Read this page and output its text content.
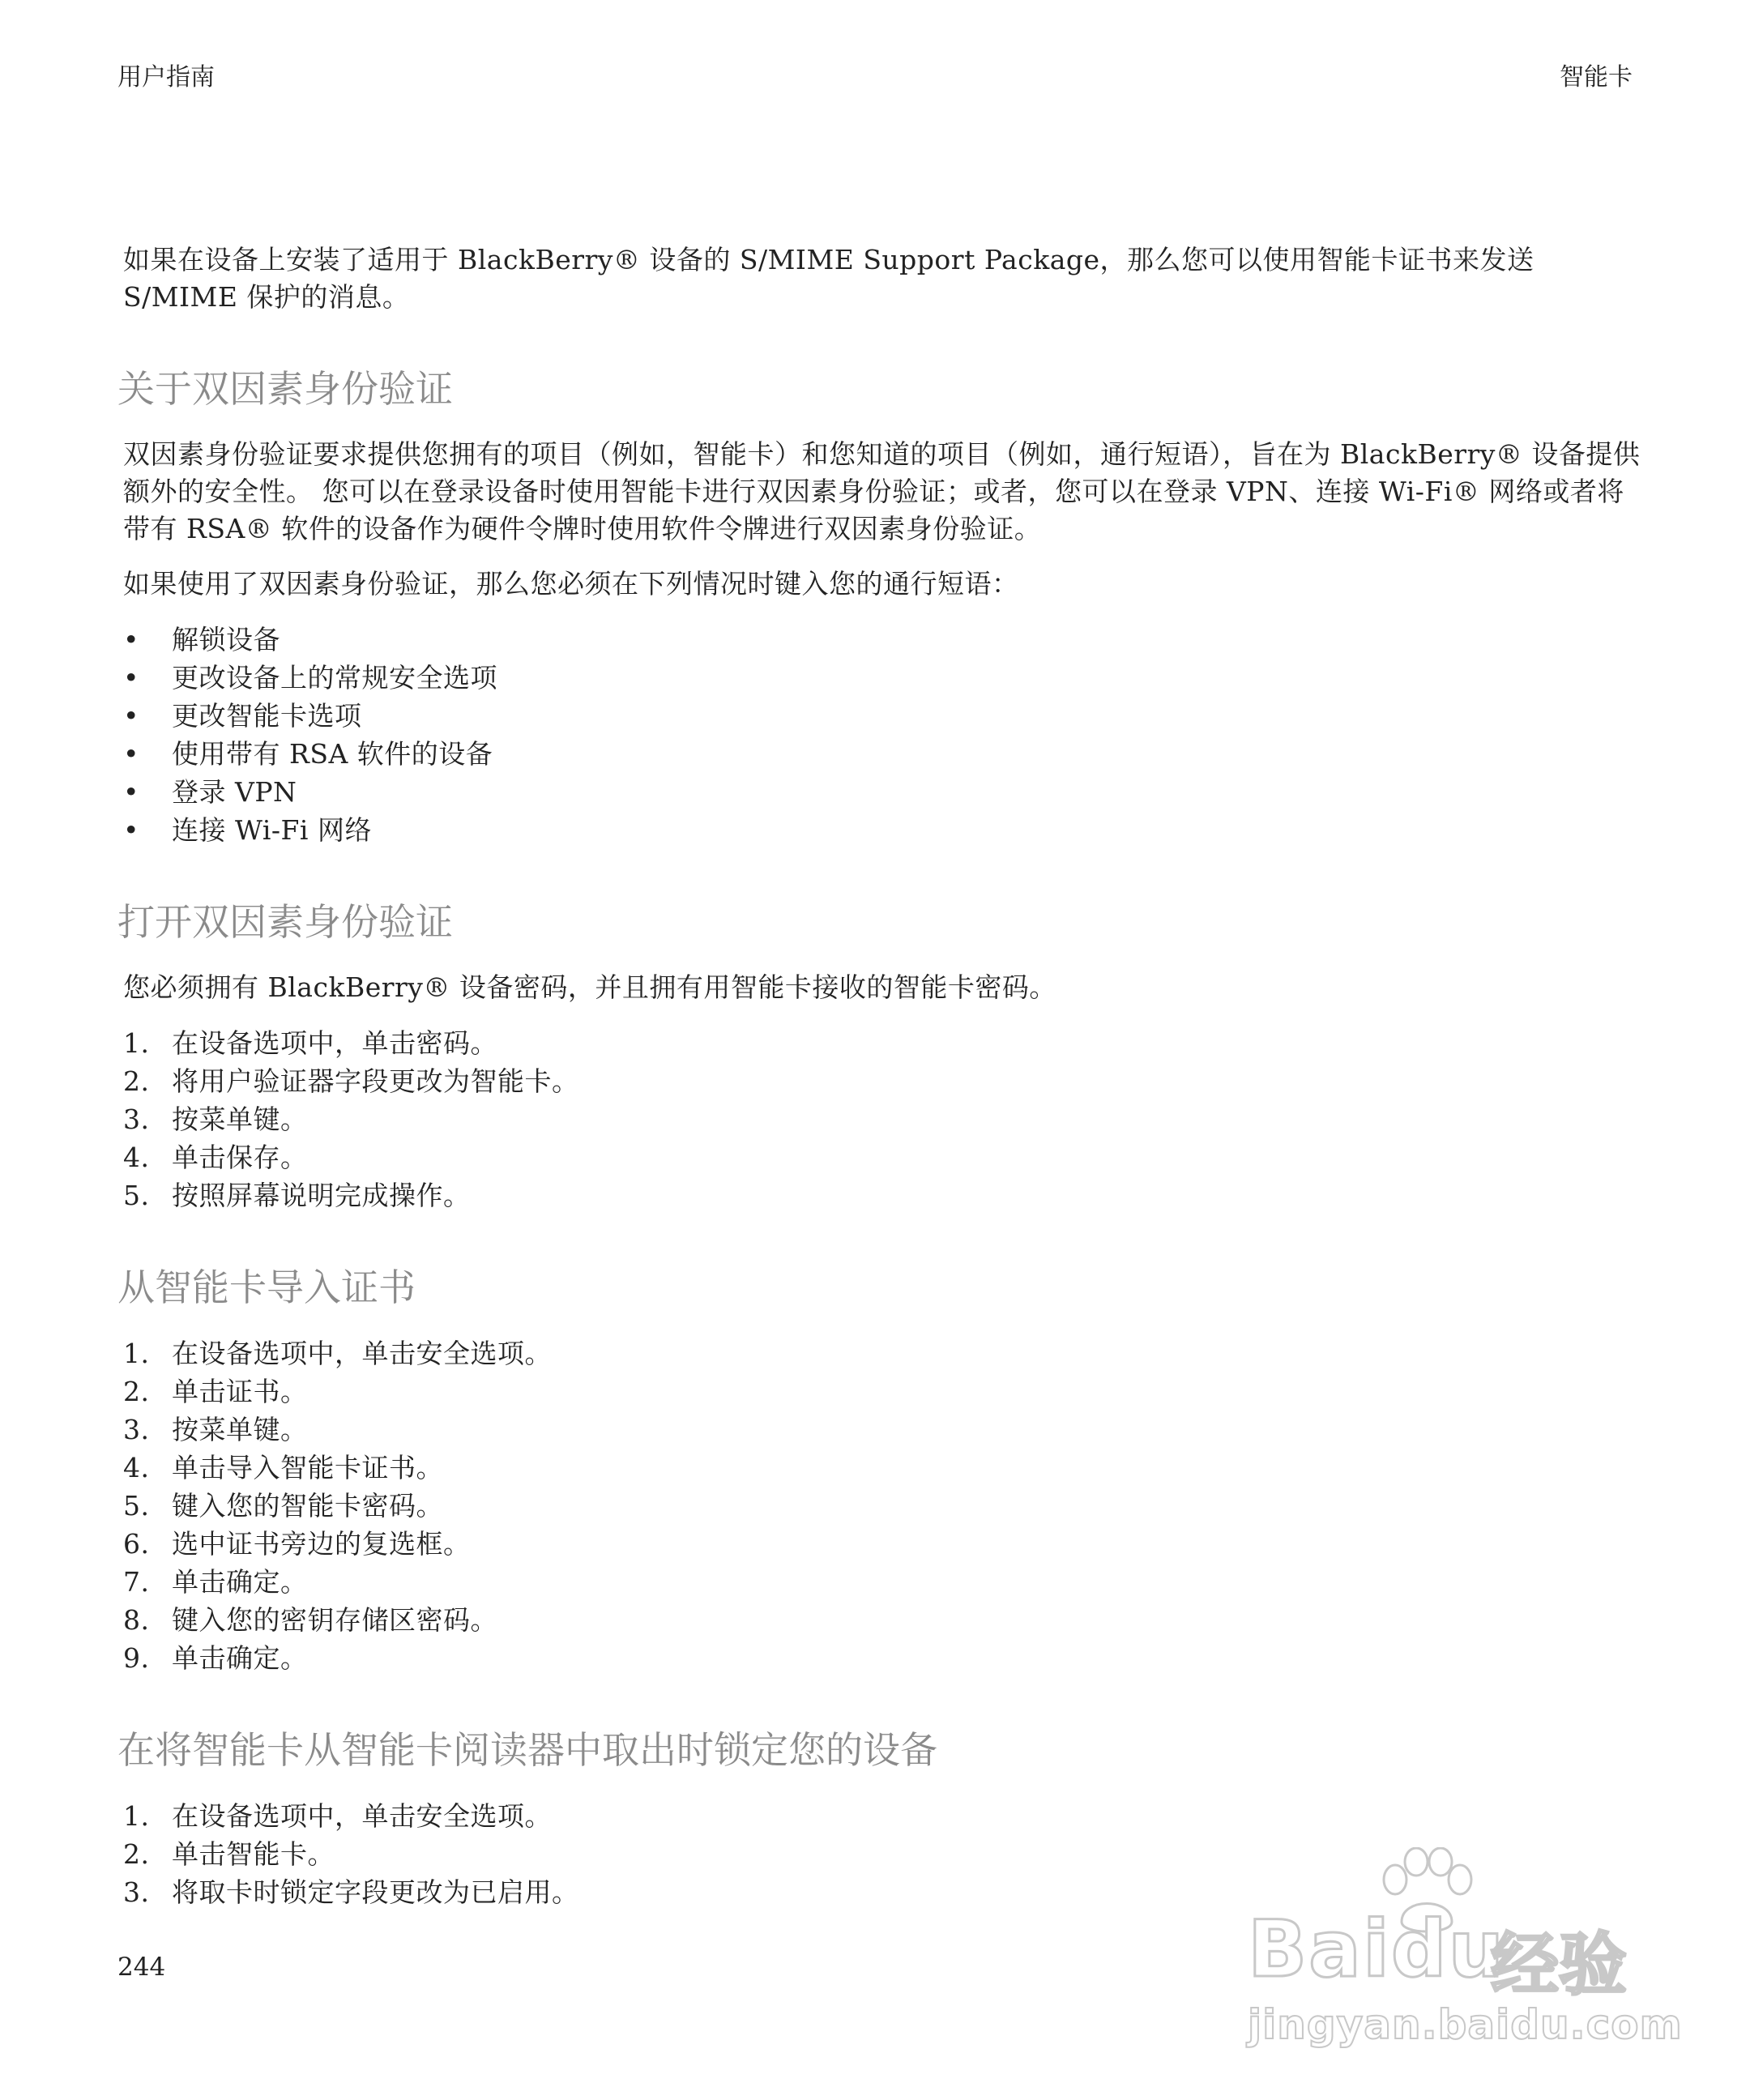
用户指南	智能卡

如果在设备上安装了适用于 BlackBerry® 设备的 S/MIME Support Package，那么您可以使用智能卡证书来发送 S/MIME 保护的消息。

关于双因素身份验证

双因素身份验证要求提供您拥有的项目（例如，智能卡）和您知道的项目（例如，通行短语），旨在为 BlackBerry® 设备提供额外的安全性。 您可以在登录设备时使用智能卡进行双因素身份验证；或者，您可以在登录 VPN、连接 Wi-Fi® 网络或者将带有 RSA® 软件的设备作为硬件令牌时使用软件令牌进行双因素身份验证。

如果使用了双因素身份验证，那么您必须在下列情况时键入您的通行短语：

• 解锁设备
• 更改设备上的常规安全选项
• 更改智能卡选项
• 使用带有 RSA 软件的设备
• 登录 VPN
• 连接 Wi-Fi 网络
打开双因素身份验证

您必须拥有 BlackBerry® 设备密码，并且拥有用智能卡接收的智能卡密码。

1. 在设备选项中，单击密码。
2. 将用户验证器字段更改为智能卡。
3. 按菜单键。
4. 单击保存。
5. 按照屏幕说明完成操作。
从智能卡导入证书
1. 在设备选项中，单击安全选项。
2. 单击证书。
3. 按菜单键。
4. 单击导入智能卡证书。
5. 键入您的智能卡密码。
6. 选中证书旁边的复选框。
7. 单击确定。
8. 键入您的密钥存储区密码。
9. 单击确定。
在将智能卡从智能卡阅读器中取出时锁定您的设备
1. 在设备选项中，单击安全选项。
2. 单击智能卡。
3. 将取卡时锁定字段更改为已启用。
244	Baidu
经验
jingyan.baidu.com
